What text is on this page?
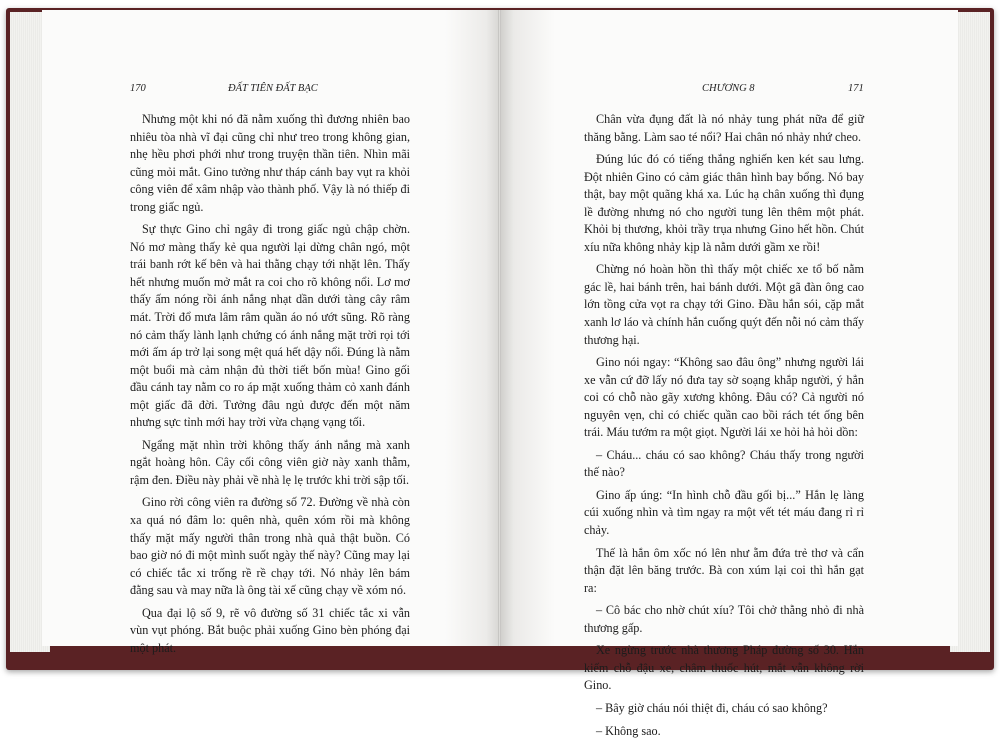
170	ĐẤT TIÊN ĐẤT BẠC

Nhưng một khi nó đã nằm xuống thì đương nhiên bao nhiêu tòa nhà vĩ đại cũng chỉ như treo trong không gian, nhẹ hều phơi phới như trong truyện thần tiên. Nhìn mãi cũng mỏi mắt. Gino tưởng như tháp cánh bay vụt ra khỏi công viên để xâm nhập vào thành phố. Vậy là nó thiếp đi trong giấc ngủ.

Sự thực Gino chỉ ngây đi trong giấc ngủ chập chờn. Nó mơ màng thấy kẻ qua người lại dừng chân ngó, một trái banh rớt kế bên và hai thằng chạy tới nhặt lên. Thấy hết nhưng muốn mở mắt ra coi cho rõ không nổi. Lơ mơ thấy ấm nóng rồi ánh nắng nhạt dần dưới tàng cây râm mát. Trời đổ mưa lâm râm quần áo nó ướt sũng. Rõ ràng nó cảm thấy lành lạnh chứng có ánh nắng mặt trời rọi tới mới ấm áp trở lại song mệt quá hết dậy nổi. Đúng là nằm một buổi mà cảm nhận đủ thời tiết bốn mùa! Gino gối đầu cánh tay nằm co ro áp mặt xuống thảm cỏ xanh đánh một giấc đã đời. Tưởng đâu ngủ được đến một năm nhưng sực tỉnh mới hay trời vừa chạng vạng tối.

Ngẩng mặt nhìn trời không thấy ánh nắng mà xanh ngắt hoàng hôn. Cây cối công viên giờ này xanh thẫm, rậm đen. Điều này phải về nhà lẹ lẹ trước khi trời sập tối.

Gino rời công viên ra đường số 72. Đường về nhà còn xa quá nó đâm lo: quên nhà, quên xóm rồi mà không thấy mặt mấy người thân trong nhà quả thật buồn. Có bao giờ nó đi một mình suốt ngày thế này? Cũng may lại có chiếc tắc xi trống rề rề chạy tới. Nó nhảy lên bám đằng sau và may nữa là ông tài xế cũng chạy về xóm nó.

Qua đại lộ số 9, rẽ vô đường số 31 chiếc tắc xi vẫn vùn vụt phóng. Bắt buộc phải xuống Gino bèn phóng đại một phát.

CHƯƠNG 8	171

Chân vừa đụng đất là nó nhảy tung phát nữa để giữ thăng bằng. Làm sao té nổi? Hai chân nó nhảy nhứ cheo.

Đúng lúc đó có tiếng thắng nghiến ken két sau lưng. Đột nhiên Gino có cảm giác thân hình bay bổng. Nó bay thật, bay một quãng khá xa. Lúc hạ chân xuống thì đụng lề đường nhưng nó cho người tung lên thêm một phát. Khỏi bị thương, khỏi trầy trụa nhưng Gino hết hồn. Chút xíu nữa không nhảy kịp là nằm dưới gầm xe rồi!

Chừng nó hoàn hồn thì thấy một chiếc xe tổ bố nằm gác lề, hai bánh trên, hai bánh dưới. Một gã đàn ông cao lớn tồng cửa vọt ra chạy tới Gino. Đầu hắn sói, cặp mắt xanh lơ láo và chính hắn cuống quýt đến nỗi nó cảm thấy thương hại.

Gino nói ngay: “Không sao đâu ông” nhưng người lái xe vẫn cứ đỡ lấy nó đưa tay sờ soạng khắp người, ý hẳn coi có chỗ nào gãy xương không. Đâu có? Cả người nó nguyên vẹn, chỉ có chiếc quần cao bồi rách tét ống bên trái. Máu tướm ra một giọt. Người lái xe hỏi hả hỏi dồn:

– Cháu... cháu có sao không? Cháu thấy trong người thế nào?

Gino ấp úng: “In hình chỗ đầu gối bị...” Hắn lẹ làng cúi xuống nhìn và tìm ngay ra một vết tét máu đang rỉ rỉ chảy.

Thế là hắn ôm xốc nó lên như ẵm đứa trẻ thơ và cẩn thận đặt lên băng trước. Bà con xúm lại coi thì hắn gạt ra:

– Cô bác cho nhờ chút xíu? Tôi chở thằng nhỏ đi nhà thương gấp.

Xe ngừng trước nhà thương Pháp đường số 30. Hắn kiếm chỗ đậu xe, châm thuốc hút, mắt vẫn không rời Gino.

– Bây giờ cháu nói thiệt đi, cháu có sao không?

– Không sao.
